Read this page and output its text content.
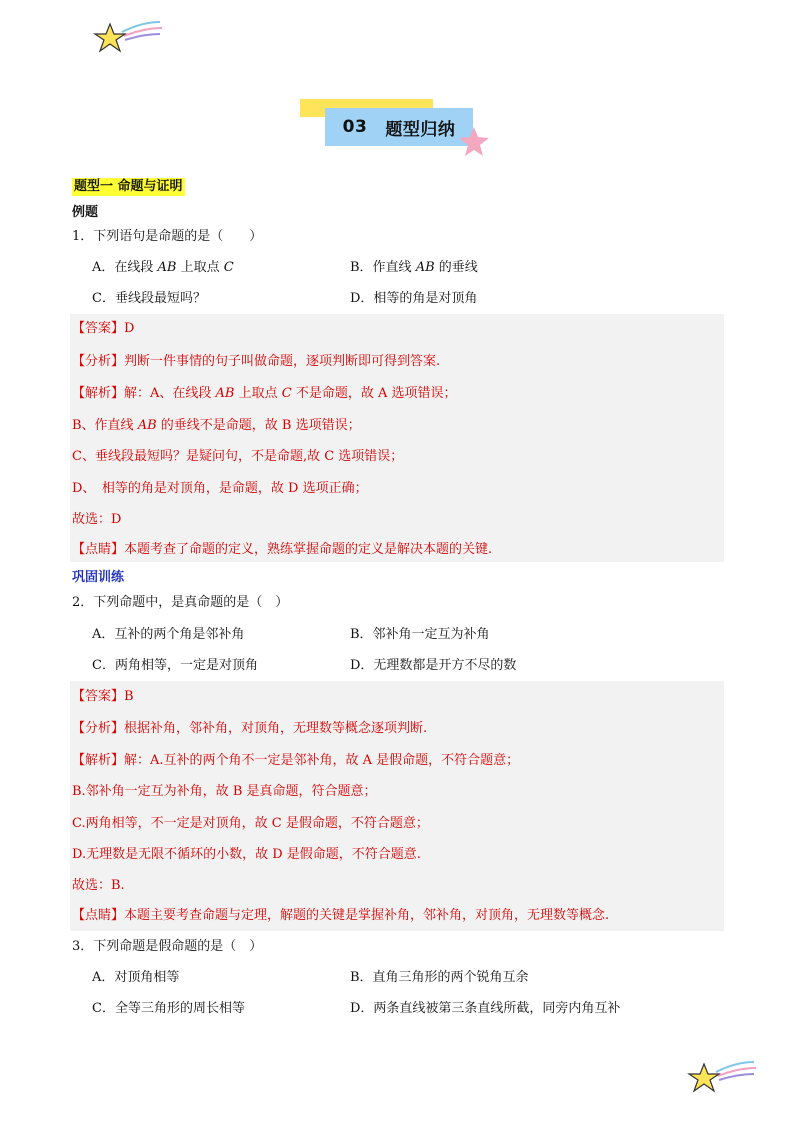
03 题型归纳
题型一 命题与证明
例题
1．下列语句是命题的是（　　）
A．在线段 AB 上取点 C	B．作直线 AB 的垂线
C．垂线段最短吗？	D．相等的角是对顶角
【答案】D
【分析】判断一件事情的句子叫做命题，逐项判断即可得到答案.
【解析】解：A、在线段 AB 上取点 C 不是命题，故 A 选项错误；
B、作直线 AB 的垂线不是命题，故 B 选项错误；
C、垂线段最短吗？是疑问句，不是命题,故 C 选项错误；
D、　相等的角是对顶角，是命题，故 D 选项正确；
故选：D
【点睛】本题考查了命题的定义，熟练掌握命题的定义是解决本题的关键.
巩固训练
2．下列命题中，是真命题的是（　）
A．互补的两个角是邻补角	B．邻补角一定互为补角
C．两角相等，一定是对顶角	D．无理数都是开方不尽的数
【答案】B
【分析】根据补角，邻补角，对顶角，无理数等概念逐项判断.
【解析】解：A.互补的两个角不一定是邻补角，故 A 是假命题，不符合题意；
B.邻补角一定互为补角，故 B 是真命题，符合题意；
C.两角相等，不一定是对顶角，故 C 是假命题，不符合题意；
D.无理数是无限不循环的小数，故 D 是假命题，不符合题意.
故选：B.
【点睛】本题主要考查命题与定理，解题的关键是掌握补角，邻补角，对顶角，无理数等概念.
3．下列命题是假命题的是（　）
A．对顶角相等	B．直角三角形的两个锐角互余
C．全等三角形的周长相等	D．两条直线被第三条直线所截，同旁内角互补
